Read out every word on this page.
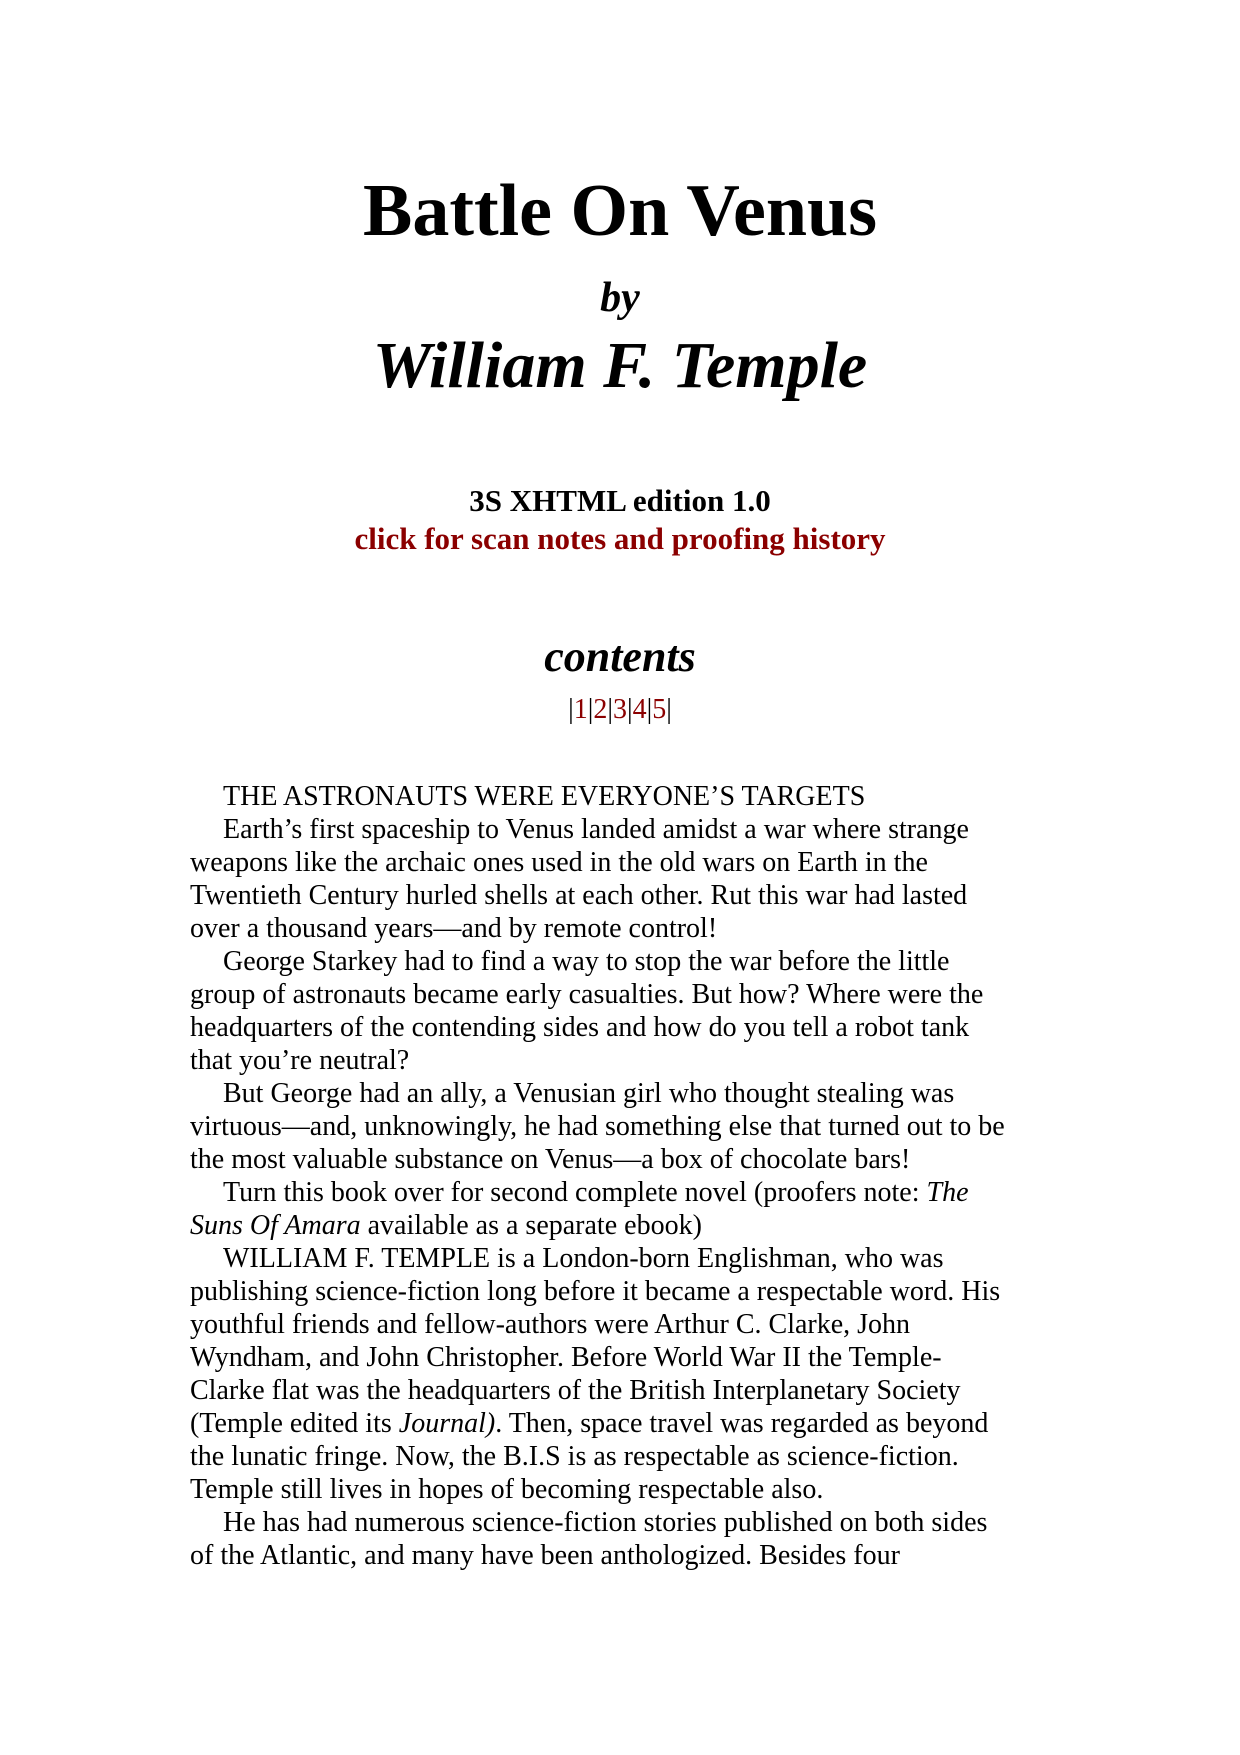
Battle On Venus
by
William F. Temple
3S XHTML edition 1.0
click for scan notes and proofing history
contents
|1|2|3|4|5|

THE ASTRONAUTS WERE EVERYONE’S TARGETS

Earth’s first spaceship to Venus landed amidst a war where strange weapons like the archaic ones used in the old wars on Earth in the Twentieth Century hurled shells at each other. Rut this war had lasted over a thousand years—and by remote control!

George Starkey had to find a way to stop the war before the little group of astronauts became early casualties. But how? Where were the headquarters of the contending sides and how do you tell a robot tank that you’re neutral?

But George had an ally, a Venusian girl who thought stealing was virtuous—and, unknowingly, he had something else that turned out to be the most valuable substance on Venus—a box of chocolate bars!

Turn this book over for second complete novel (proofers note: The Suns Of Amara available as a separate ebook)

WILLIAM F. TEMPLE is a London-born Englishman, who was publishing science-fiction long before it became a respectable word. His youthful friends and fellow-authors were Arthur C. Clarke, John Wyndham, and John Christopher. Before World War II the Temple-Clarke flat was the headquarters of the British Interplanetary Society (Temple edited its Journal). Then, space travel was regarded as beyond the lunatic fringe. Now, the B.I.S is as respectable as science-fiction. Temple still lives in hopes of becoming respectable also.

He has had numerous science-fiction stories published on both sides of the Atlantic, and many have been anthologized. Besides four
